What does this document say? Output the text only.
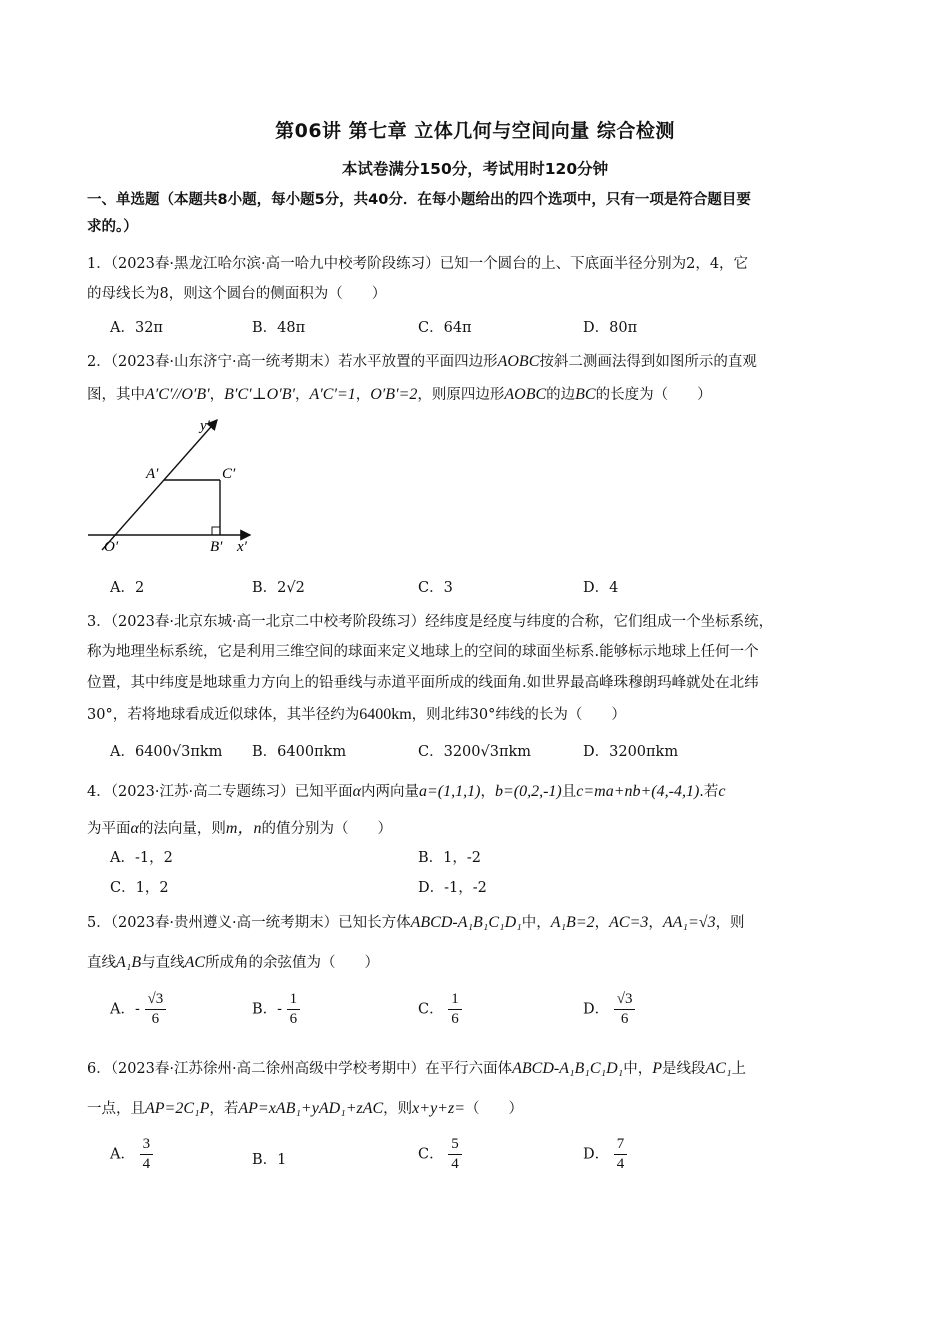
第06讲 第七章 立体几何与空间向量 综合检测
本试卷满分150分，考试用时120分钟
一、单选题（本题共8小题，每小题5分，共40分．在每小题给出的四个选项中，只有一项是符合题目要
求的。）
1．（2023春·黑龙江哈尔滨·高一哈九中校考阶段练习）已知一个圆台的上、下底面半径分别为2，4，它
的母线长为8，则这个圆台的侧面积为（　　）
A．32π	B．48π	C．64π	D．80π
2．（2023春·山东济宁·高一统考期末）若水平放置的平面四边形AOBC按斜二测画法得到如图所示的直观
图，其中A′C′//O′B′，B′C′⊥O′B′，A′C′=1，O′B′=2，则原四边形AOBC的边BC的长度为（　　）
y′
x′
A′	C′
O′	B′
A．2	B．2√2	C．3	D．4
3．（2023春·北京东城·高一北京二中校考阶段练习）经纬度是经度与纬度的合称，它们组成一个坐标系统，
称为地理坐标系统，它是利用三维空间的球面来定义地球上的空间的球面坐标系.能够标示地球上任何一个
位置，其中纬度是地球重力方向上的铅垂线与赤道平面所成的线面角.如世界最高峰珠穆朗玛峰就处在北纬
30°，若将地球看成近似球体，其半径约为6400km，则北纬30°纬线的长为（　　）
A．6400√3πkm B．6400πkm	C．3200√3πkm	D．3200πkm
4．（2023·江苏·高二专题练习）已知平面α内两向量a=(1,1,1)，b=(0,2,-1)且c=ma+nb+(4,-4,1).若c
为平面α的法向量，则m，n的值分别为（　　）
A．-1，2	B．1，-2
C．1，2	D．-1，-2
5．（2023春·贵州遵义·高一统考期末）已知长方体ABCD-A₁B₁C₁D₁中，A₁B=2，AC=3，AA₁=√3，则
直线A₁B与直线AC所成角的余弦值为（　　）
A．- $\frac{√3}{6}$	B．- $\frac{1}{6}$	C． $\frac{1}{6}$	D． $\frac{√3}{6}$
6．（2023春·江苏徐州·高二徐州高级中学校考期中）在平行六面体ABCD-A₁B₁C₁D₁中，P是线段AC₁上
一点，且AP=2C₁P，若AP=xAB₁+yAD₁+zAC，则x+y+z=（　　）
A． $\frac{3}{4}$	B．1	C． $\frac{5}{4}$	D． $\frac{7}{4}$
